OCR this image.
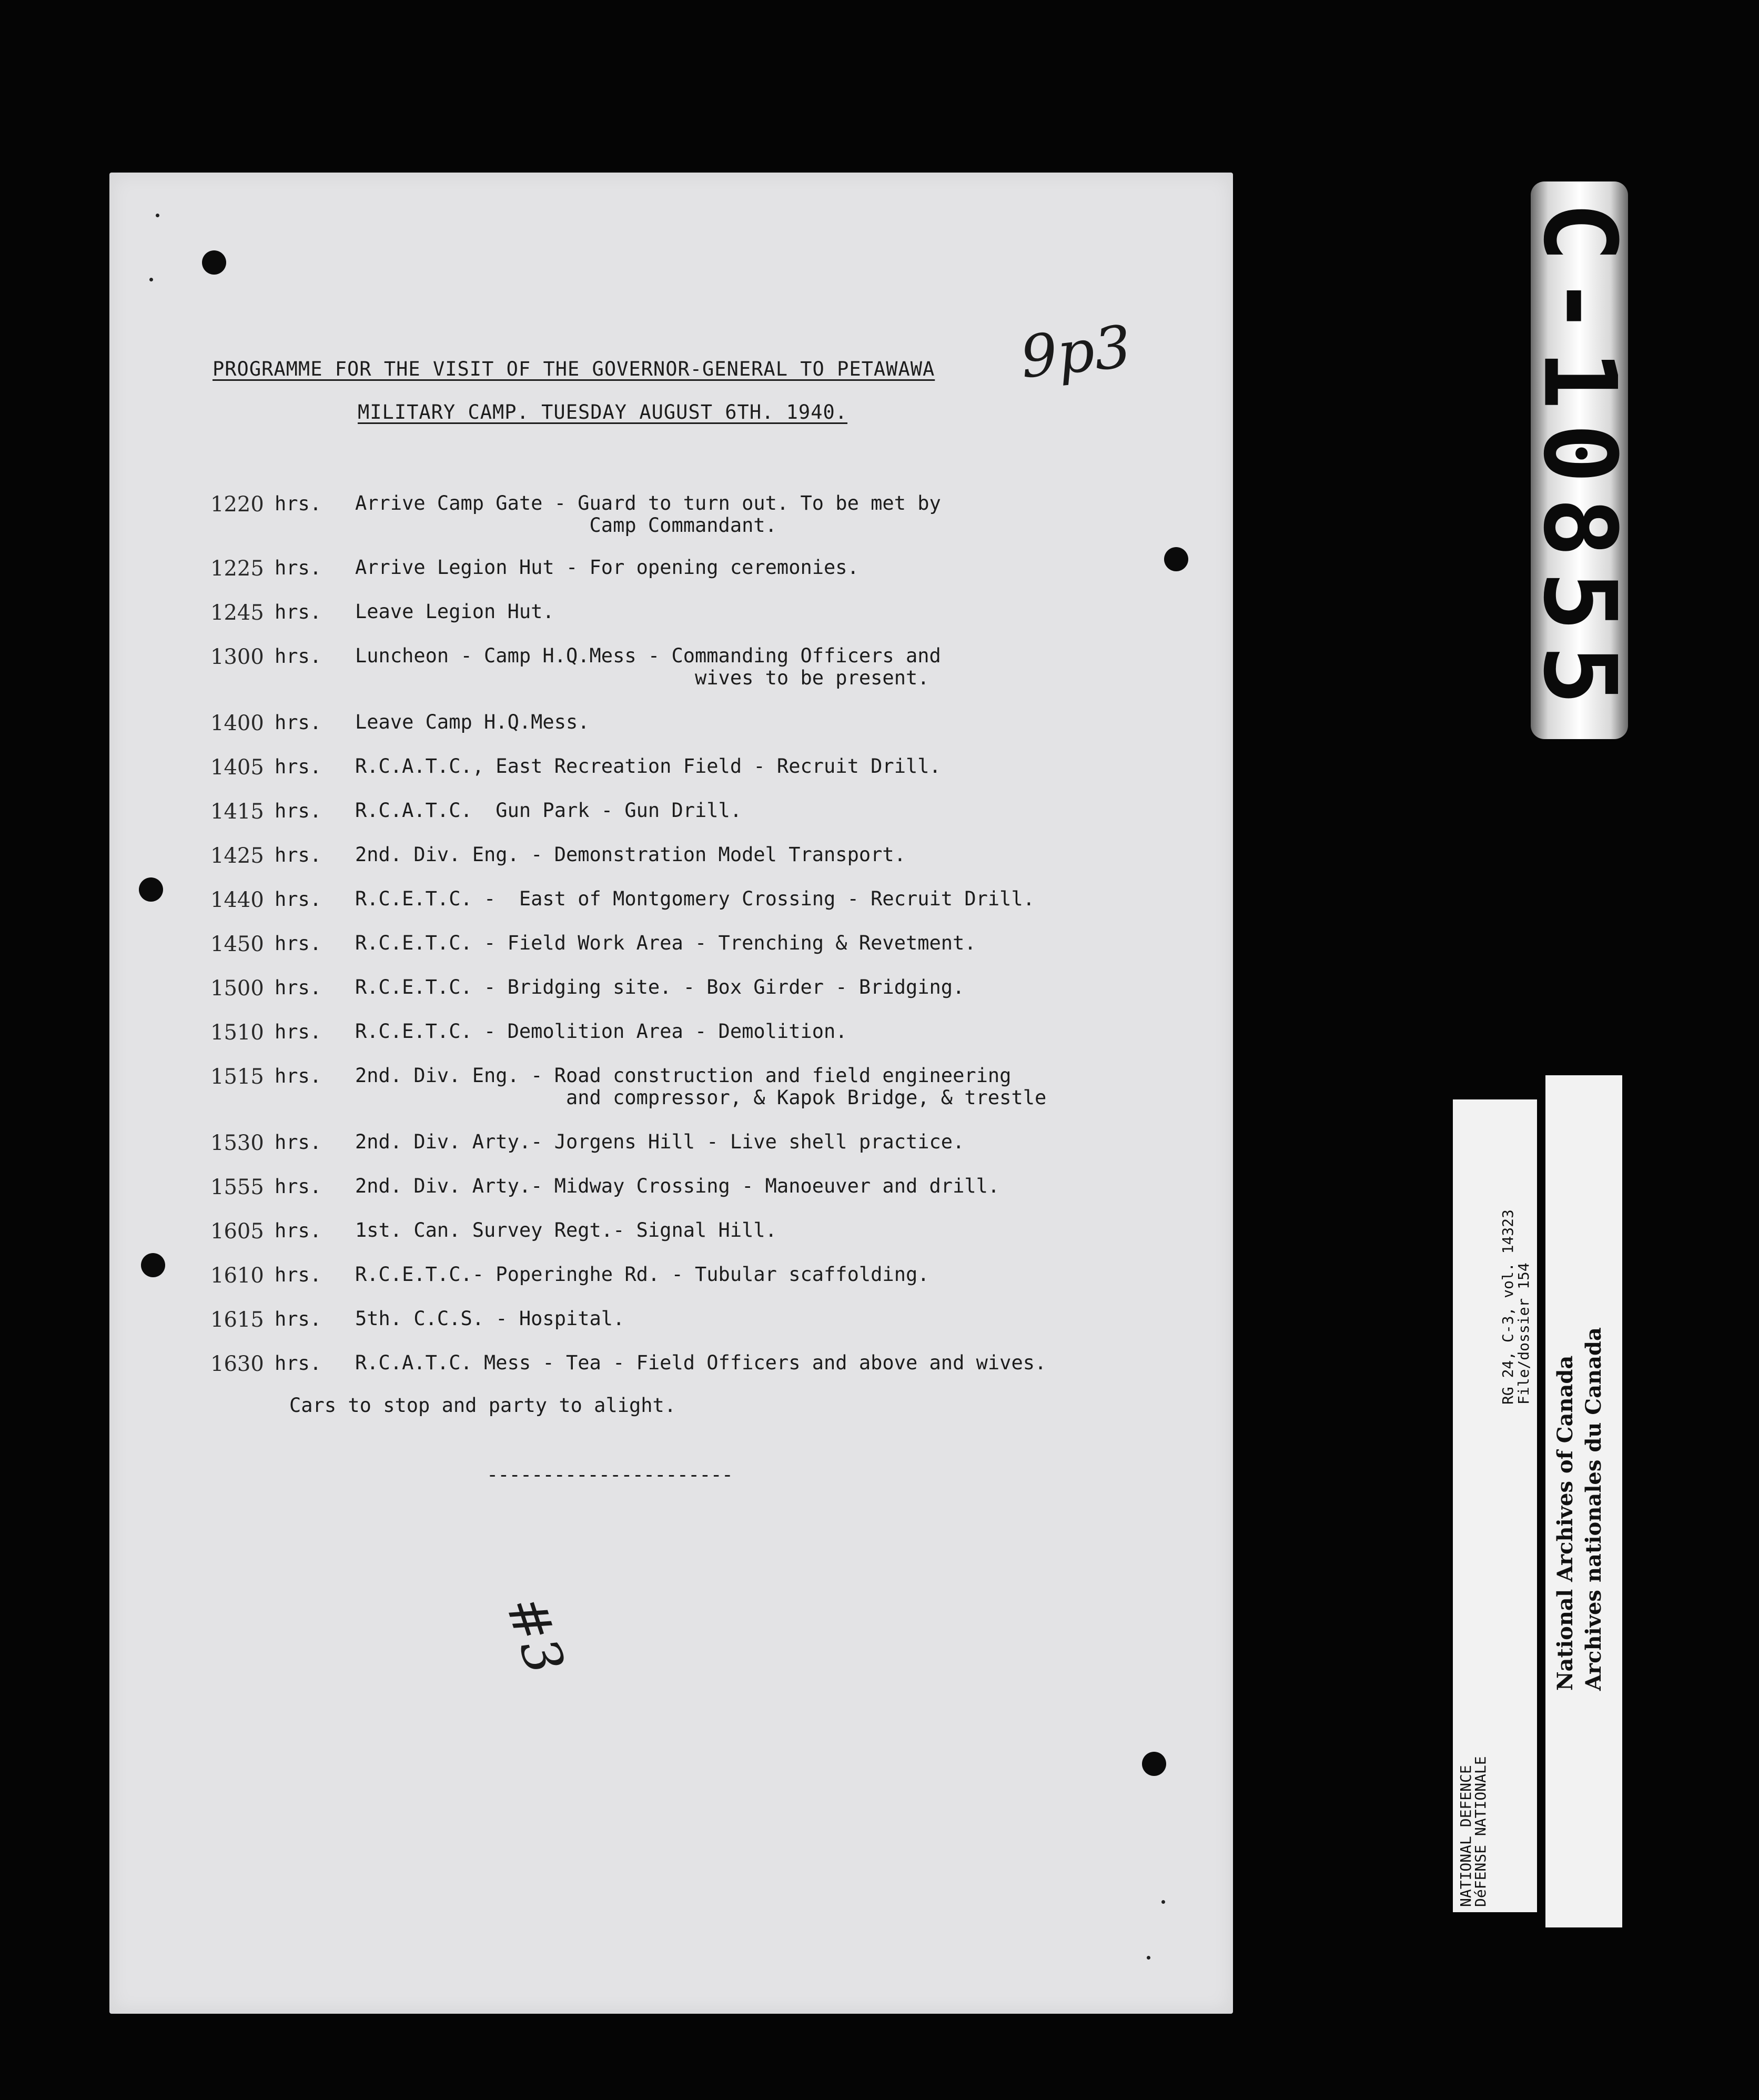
PROGRAMME FOR THE VISIT OF THE GOVERNOR-GENERAL TO PETAWAWA
MILITARY CAMP. TUESDAY AUGUST 6TH. 1940.
9p3
1220 hrs. Arrive Camp Gate - Guard to turn out. To be met by
Camp Commandant.
1225 hrs. Arrive Legion Hut - For opening ceremonies.
1245 hrs. Leave Legion Hut.
1300 hrs. Luncheon - Camp H.Q.Mess - Commanding Officers and
wives to be present.
1400 hrs. Leave Camp H.Q.Mess.
1405 hrs. R.C.A.T.C., East Recreation Field - Recruit Drill.
1415 hrs. R.C.A.T.C.  Gun Park - Gun Drill.
1425 hrs. 2nd. Div. Eng. - Demonstration Model Transport.
1440 hrs. R.C.E.T.C. -  East of Montgomery Crossing - Recruit Drill.
1450 hrs. R.C.E.T.C. - Field Work Area - Trenching & Revetment.
1500 hrs. R.C.E.T.C. - Bridging site. - Box Girder - Bridging.
1510 hrs. R.C.E.T.C. - Demolition Area - Demolition.
1515 hrs. 2nd. Div. Eng. - Road construction and field engineering
and compressor, & Kapok Bridge, & trestle
1530 hrs. 2nd. Div. Arty.- Jorgens Hill - Live shell practice.
1555 hrs. 2nd. Div. Arty.- Midway Crossing - Manoeuver and drill.
1605 hrs. 1st. Can. Survey Regt.- Signal Hill.
1610 hrs. R.C.E.T.C.- Poperinghe Rd. - Tubular scaffolding.
1615 hrs. 5th. C.C.S. - Hospital.
1630 hrs. R.C.A.T.C. Mess - Tea - Field Officers and above and wives.
Cars to stop and party to alight.
----------------------
#3
C-10855
NATIONAL DEFENCE
DéFENSE NATIONALE
RG 24, C-3, vol. 14323
File/dossier 154
National Archives of Canada Archives nationales du Canada
